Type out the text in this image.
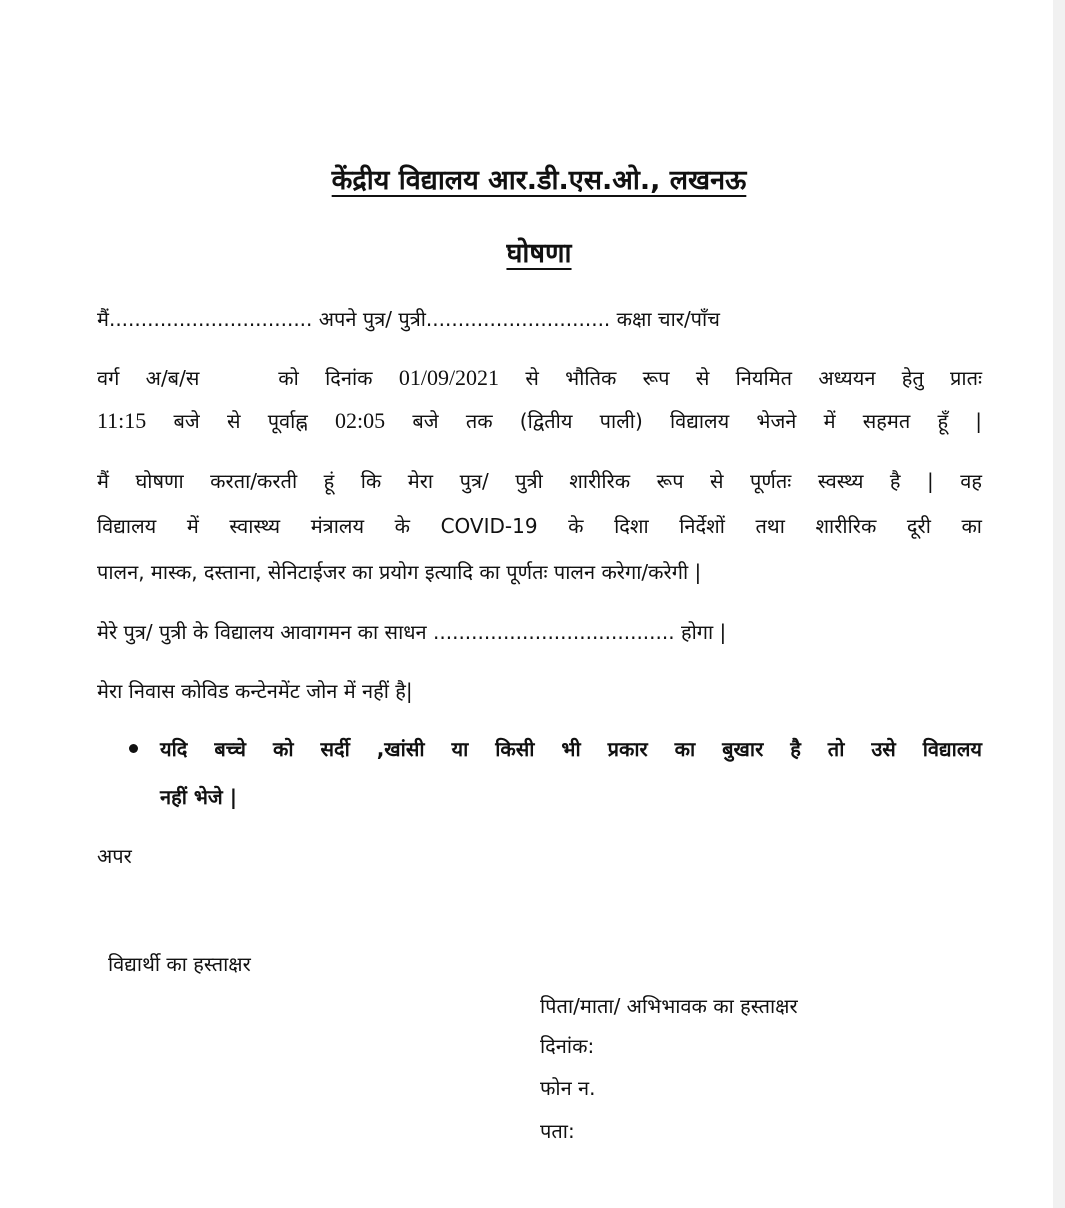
केंद्रीय विद्यालय आर.डी.एस.ओ., लखनऊ
घोषणा
मैं................................ अपने पुत्र/ पुत्री............................. कक्षा चार/पाँच
वर्ग अ/ब/स	को दिनांक 01/09/2021 से भौतिक रूप से नियमित अध्ययन हेतु प्रातः
11:15 बजे से पूर्वाह्न 02:05 बजे तक (द्वितीय पाली) विद्यालय भेजने में सहमत हूँ |
मैं घोषणा करता/करती हूं कि मेरा पुत्र/ पुत्री शारीरिक रूप से पूर्णतः स्वस्थ्य है | वह
विद्यालय में स्वास्थ्य मंत्रालय के COVID-19 के दिशा निर्देशों तथा शारीरिक दूरी का
पालन, मास्क, दस्ताना, सेनिटाईजर का प्रयोग इत्यादि का पूर्णतः पालन करेगा/करेगी |
मेरे पुत्र/ पुत्री के विद्यालय आवागमन का साधन ...................................... होगा |
मेरा निवास कोविड कन्टेनमेंट जोन में नहीं है|
यदि बच्चे को सर्दी ,खांसी या किसी भी प्रकार का बुखार है तो उसे विद्यालय
नहीं भेजे |
अपर
विद्यार्थी का हस्ताक्षर
पिता/माता/ अभिभावक का हस्ताक्षर
दिनांक:
फोन न.
पता:
